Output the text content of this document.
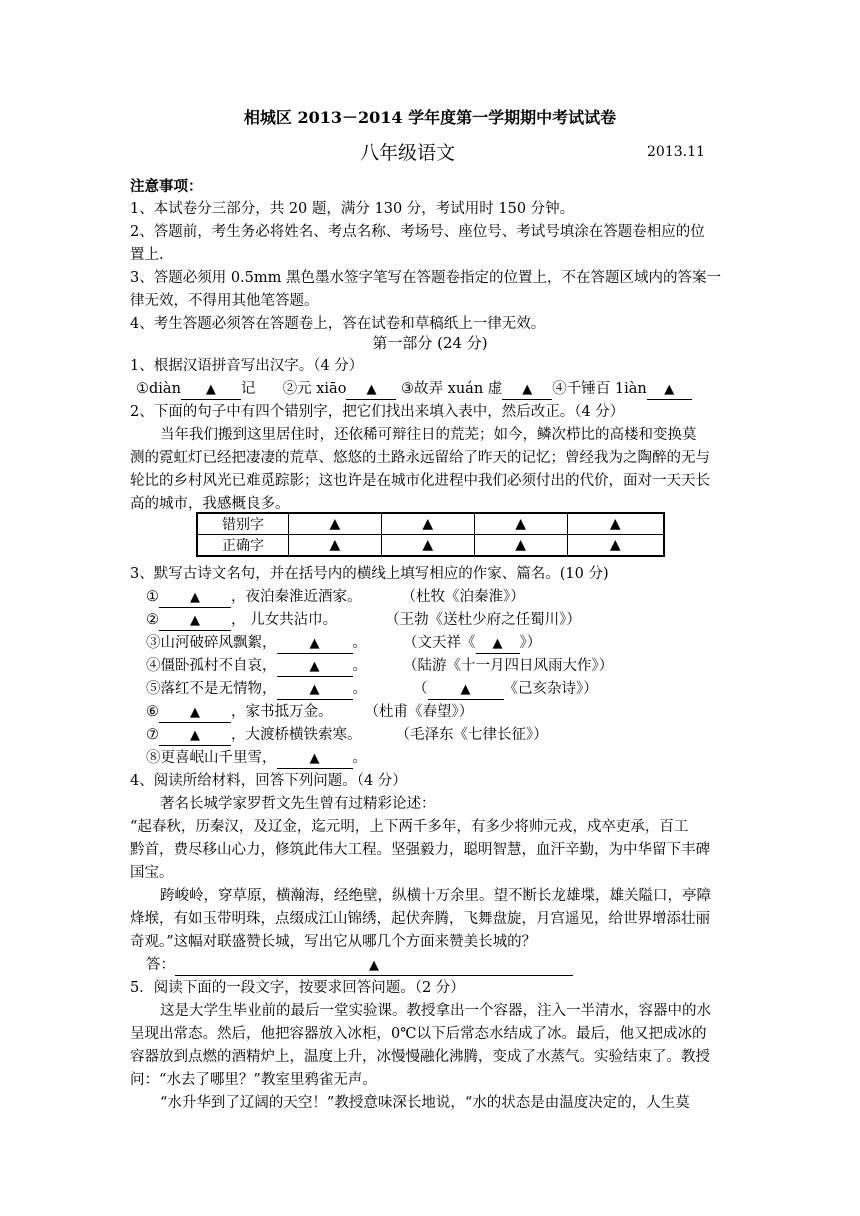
相城区 2013－2014 学年度第一学期期中考试试卷
八年级语文	2013.11
注意事项：
1、本试卷分三部分，共 20 题，满分 130 分，考试用时 150 分钟。
2、答题前，考生务必将姓名、考点名称、考场号、座位号、考试号填涂在答题卷相应的位
置上.
3、答题必须用 0.5mm 黑色墨水签字笔写在答题卷指定的位置上，不在答题区域内的答案一
律无效，不得用其他笔答题。
4、考生答题必须答在答题卷上，答在试卷和草稿纸上一律无效。
第一部分 (24 分)
1、根据汉语拼音写出汉字。（4 分）
①diàn ▲ 记 ②元 xiāo ▲ ③故弄 xuán 虚 ▲ ④千锤百 1iàn ▲
2、下面的句子中有四个错别字，把它们找出来填入表中，然后改正。（4 分）
当年我们搬到这里居住时，还依稀可辩往日的荒芜；如今，鳞次栉比的高楼和变换莫
测的霓虹灯已经把凄凄的荒草、悠悠的土路永远留给了昨天的记忆；曾经我为之陶醉的无与
轮比的乡村风光已难觅踪影；这也许是在城市化进程中我们必须付出的代价，面对一天天长
高的城市，我感概良多。
错别字	▲	▲	▲	▲
正确字	▲	▲	▲	▲
3、默写古诗文名句，并在括号内的横线上填写相应的作家、篇名。(10 分)
① ▲ ，夜泊秦淮近酒家。	（杜牧《泊秦淮》）
② ▲ ， 儿女共沾巾。	（王勃《送杜少府之任蜀川》）
③山河破碎风飘絮，	▲ 。 （文天祥《 ▲ 》）
④僵卧孤村不自哀，	▲ 。 （陆游《十一月四日风雨大作》）
⑤落红不是无情物，	▲ 。	（	▲ 《己亥杂诗》）
⑥ ▲ ，家书抵万金。 （杜甫《春望》）
⑦ ▲ ，大渡桥横铁索寒。 （毛泽东《七律长征》）
⑧更喜岷山千里雪，	▲ 。
4、阅读所给材料，回答下列问题。（4 分）
著名长城学家罗哲文先生曾有过精彩论述：
“起春秋，历秦汉，及辽金，迄元明，上下两千多年，有多少将帅元戎，戍卒吏承，百工
黔首，费尽移山心力，修筑此伟大工程。坚强毅力，聪明智慧，血汗辛勤，为中华留下丰碑
国宝。
跨峻岭，穿草原，横瀚海，经绝壁，纵横十万余里。望不断长龙雄堞，雄关隘口，亭障
烽堠，有如玉带明珠，点缀成江山锦绣，起伏奔腾，飞舞盘旋，月宫遥见，给世界增添壮丽
奇观。”这幅对联盛赞长城，写出它从哪几个方面来赞美长城的？
答：	▲
5．阅读下面的一段文字，按要求回答问题。（2 分）
这是大学生毕业前的最后一堂实验课。教授拿出一个容器，注入一半清水，容器中的水
呈现出常态。然后，他把容器放入冰柜，0℃以下后常态水结成了冰。最后，他又把成冰的
容器放到点燃的酒精炉上，温度上升，冰慢慢融化沸腾，变成了水蒸气。实验结束了。教授
问：“水去了哪里？”教室里鸦雀无声。
“水升华到了辽阔的天空！”教授意味深长地说，“水的状态是由温度决定的，人生莫
